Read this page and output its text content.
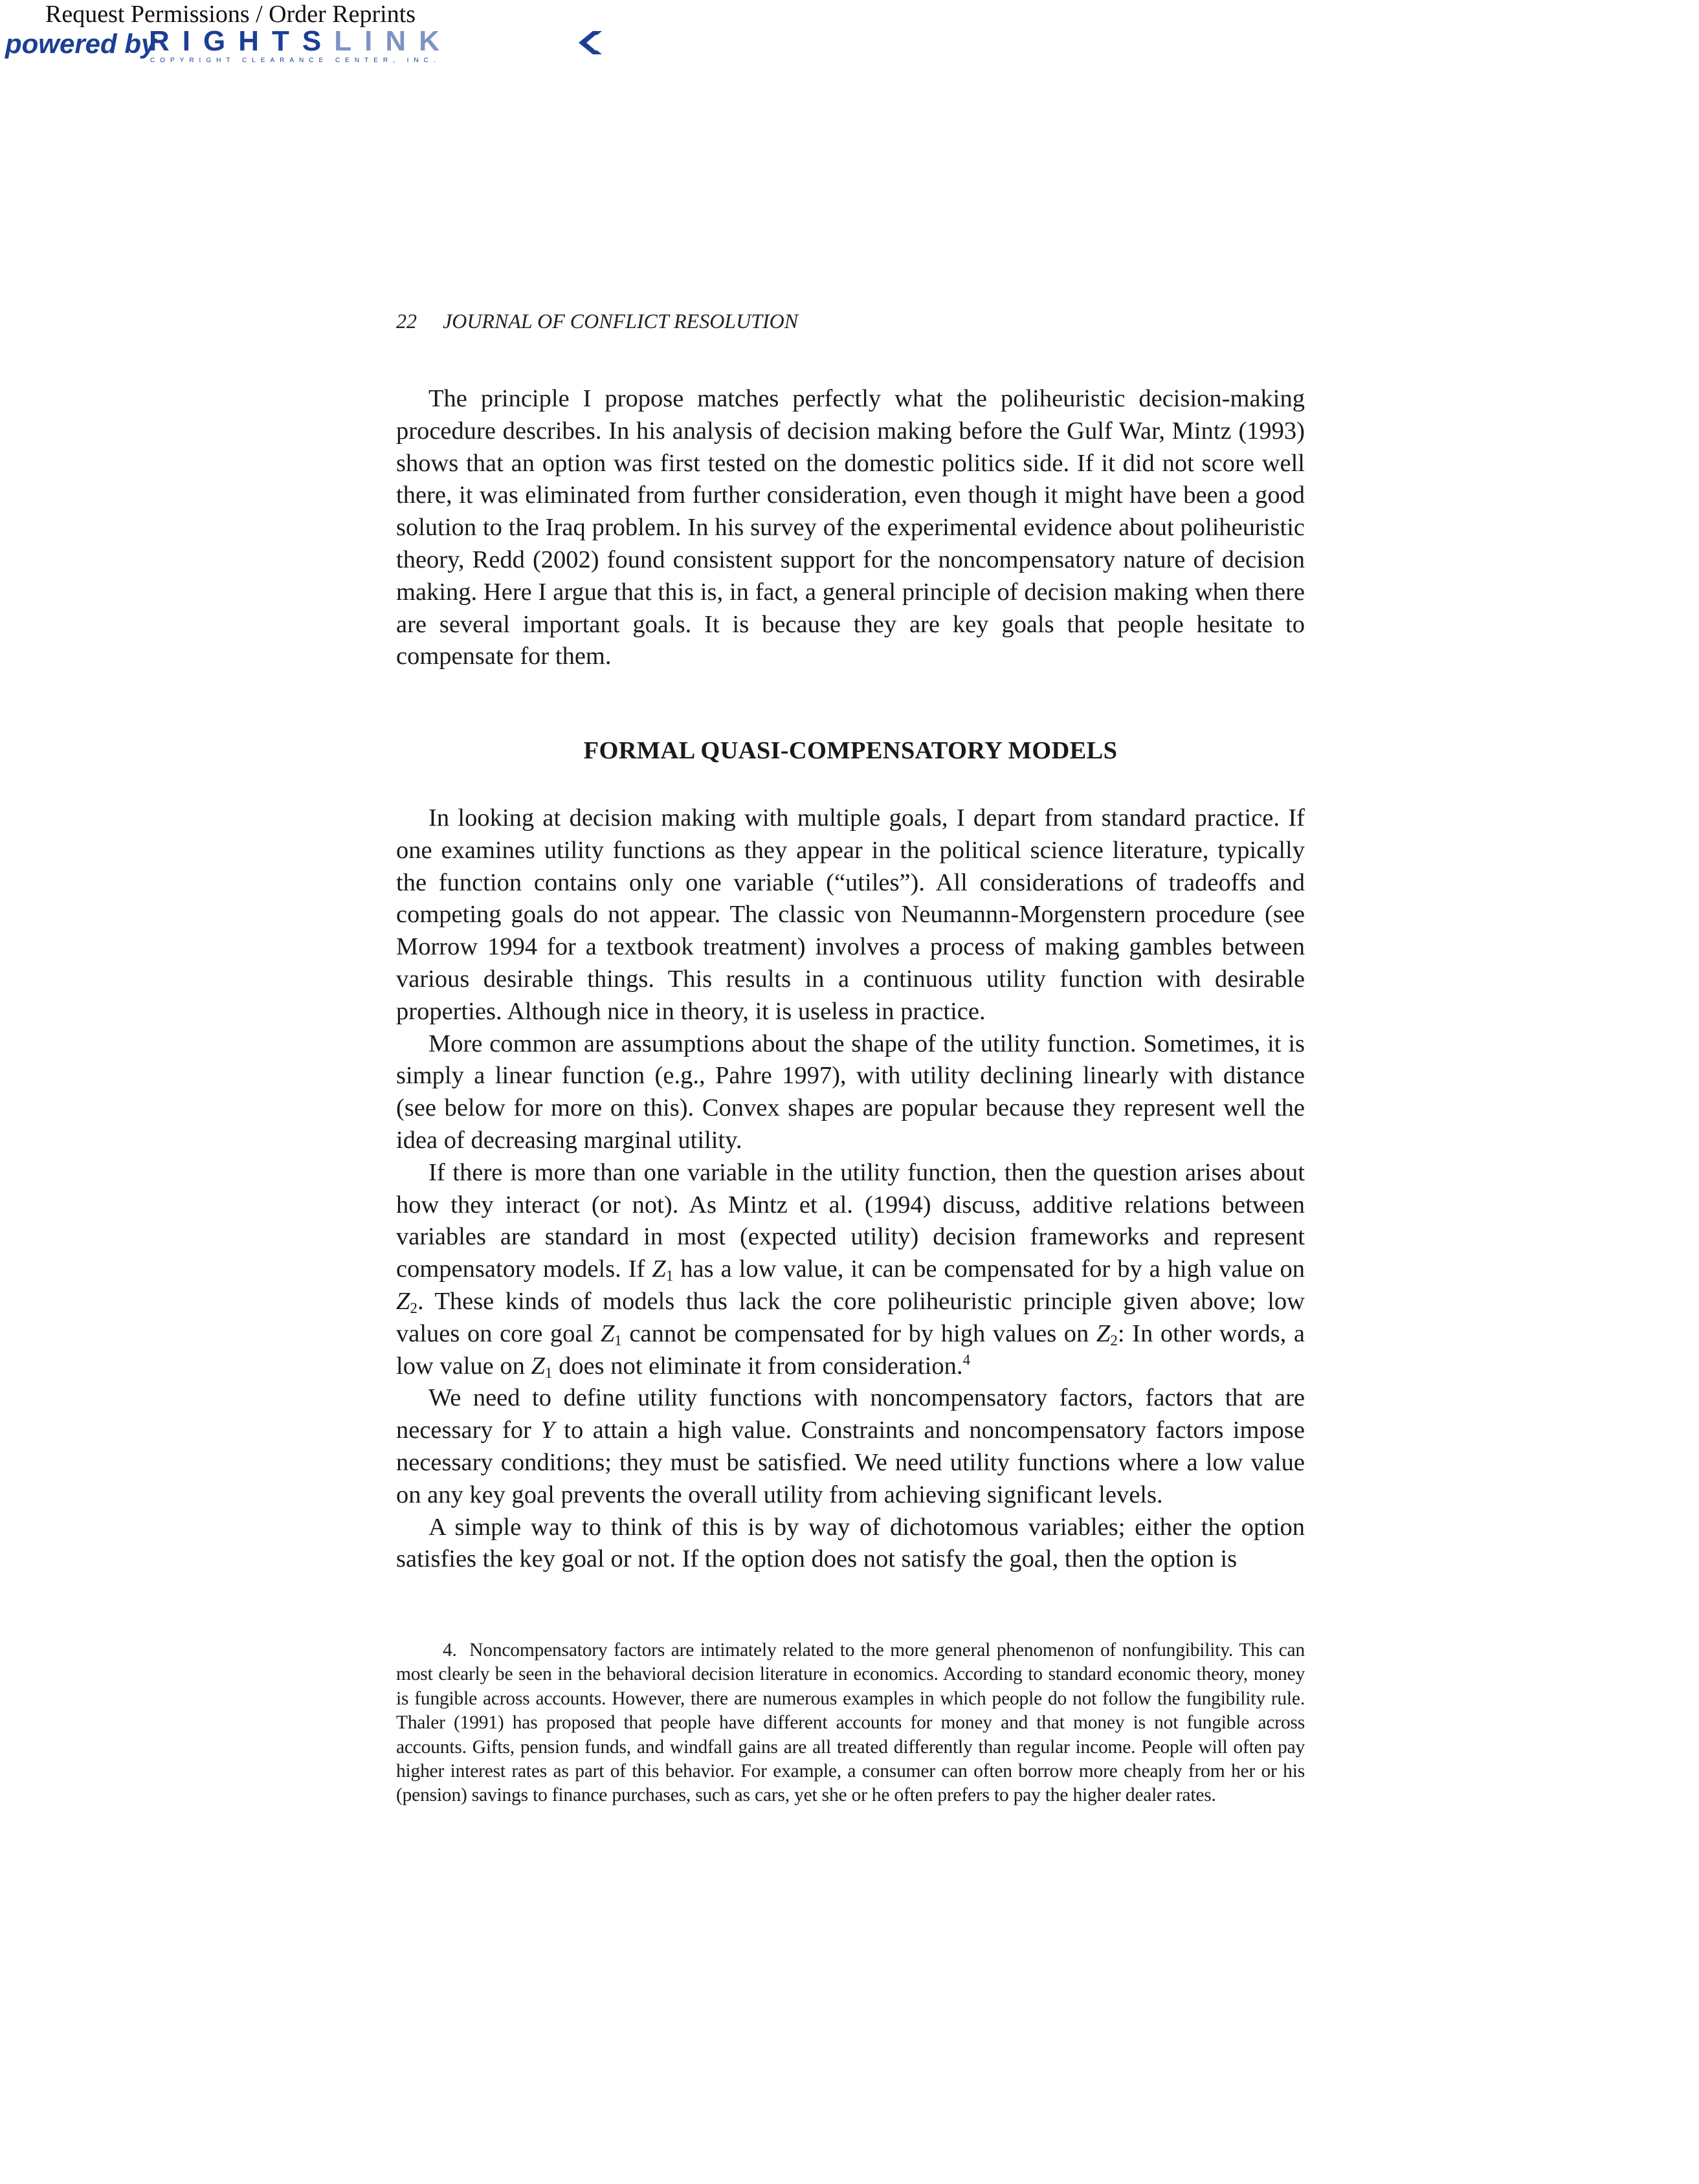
Request Permissions / Order Reprints
powered by
RIGHTSLINK
COPYRIGHT CLEARANCE CENTER, INC.
22 JOURNAL OF CONFLICT RESOLUTION

The principle I propose matches perfectly what the poliheuristic decision-making procedure describes. In his analysis of decision making before the Gulf War, Mintz (1993) shows that an option was first tested on the domestic politics side. If it did not score well there, it was eliminated from further consideration, even though it might have been a good solution to the Iraq problem. In his survey of the experimental evidence about poliheuristic theory, Redd (2002) found consistent support for the noncompensatory nature of decision making. Here I argue that this is, in fact, a general principle of decision making when there are several important goals. It is because they are key goals that people hesitate to compensate for them.

FORMAL QUASI-COMPENSATORY MODELS

In looking at decision making with multiple goals, I depart from standard practice. If one examines utility functions as they appear in the political science literature, typically the function contains only one variable (“utiles”). All considerations of tradeoffs and competing goals do not appear. The classic von Neumannn-Morgenstern procedure (see Morrow 1994 for a textbook treatment) involves a process of making gambles between various desirable things. This results in a continuous utility function with desirable properties. Although nice in theory, it is useless in practice.

More common are assumptions about the shape of the utility function. Sometimes, it is simply a linear function (e.g., Pahre 1997), with utility declining linearly with distance (see below for more on this). Convex shapes are popular because they represent well the idea of decreasing marginal utility.

If there is more than one variable in the utility function, then the question arises about how they interact (or not). As Mintz et al. (1994) discuss, additive relations between variables are standard in most (expected utility) decision frameworks and represent compensatory models. If $Z_1$ has a low value, it can be compensated for by a high value on $Z_2$. These kinds of models thus lack the core poliheuristic principle given above; low values on core goal $Z_1$ cannot be compensated for by high values on $Z_2$: In other words, a low value on $Z_1$ does not eliminate it from consideration.$^4$

We need to define utility functions with noncompensatory factors, factors that are necessary for Y to attain a high value. Constraints and noncompensatory factors impose necessary conditions; they must be satisfied. We need utility functions where a low value on any key goal prevents the overall utility from achieving significant levels.

A simple way to think of this is by way of dichotomous variables; either the option satisfies the key goal or not. If the option does not satisfy the goal, then the option is

4. Noncompensatory factors are intimately related to the more general phenomenon of nonfungibility. This can most clearly be seen in the behavioral decision literature in economics. According to standard economic theory, money is fungible across accounts. However, there are numerous examples in which people do not follow the fungibility rule. Thaler (1991) has proposed that people have different accounts for money and that money is not fungible across accounts. Gifts, pension funds, and windfall gains are all treated differently than regular income. People will often pay higher interest rates as part of this behavior. For example, a consumer can often borrow more cheaply from her or his (pension) savings to finance purchases, such as cars, yet she or he often prefers to pay the higher dealer rates.
